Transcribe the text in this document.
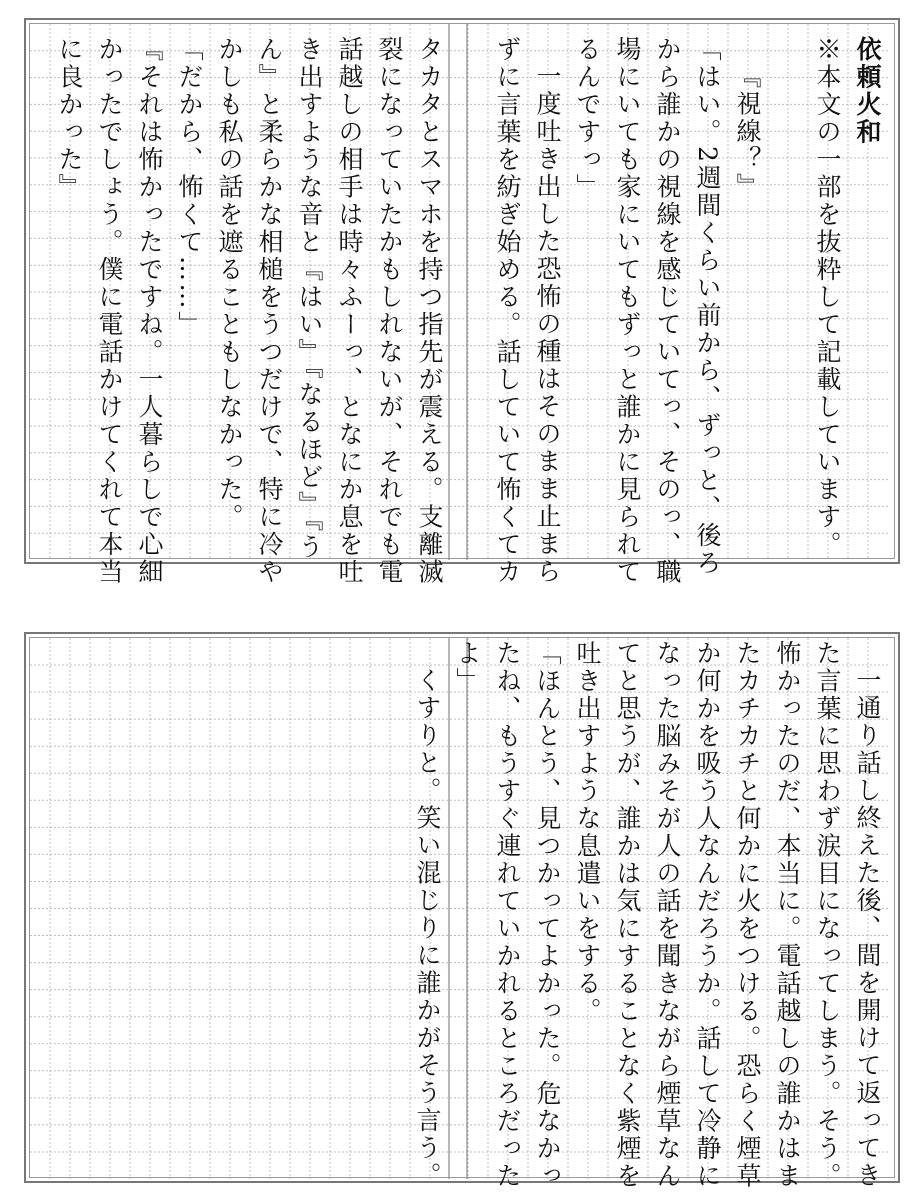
依頼火和
※本文の一部を抜粋して記載しています。
『視線？』
「はい。2週間くらい前から、ずっと、後ろ
から誰かの視線を感じていてっ、そのっ、職
場にいても家にいてもずっと誰かに見られて
るんですっ」
一度吐き出した恐怖の種はそのまま止まら
ずに言葉を紡ぎ始める。話していて怖くてカ
タカタとスマホを持つ指先が震える。支離滅
裂になっていたかもしれないが、それでも電
話越しの相手は時々ふーっ、となにか息を吐
き出すような音と『はい』『なるほど』『う
ん』と柔らかな相槌をうつだけで、特に冷や
かしも私の話を遮ることもしなかった。
「だから、怖くて……」
『それは怖かったですね。一人暮らしで心細
かったでしょう。僕に電話かけてくれて本当
に良かった』
一通り話し終えた後、間を開けて返ってき
た言葉に思わず涙目になってしまう。そう。
怖かったのだ、本当に。電話越しの誰かはま
たカチカチと何かに火をつける。恐らく煙草
か何かを吸う人なんだろうか。話して冷静に
なった脳みそが人の話を聞きながら煙草なん
てと思うが、誰かは気にすることなく紫煙を
吐き出すような息遣いをする。
「ほんとう、見つかってよかった。危なかっ
たね、もうすぐ連れていかれるところだった
よ」
くすりと。笑い混じりに誰かがそう言う。
